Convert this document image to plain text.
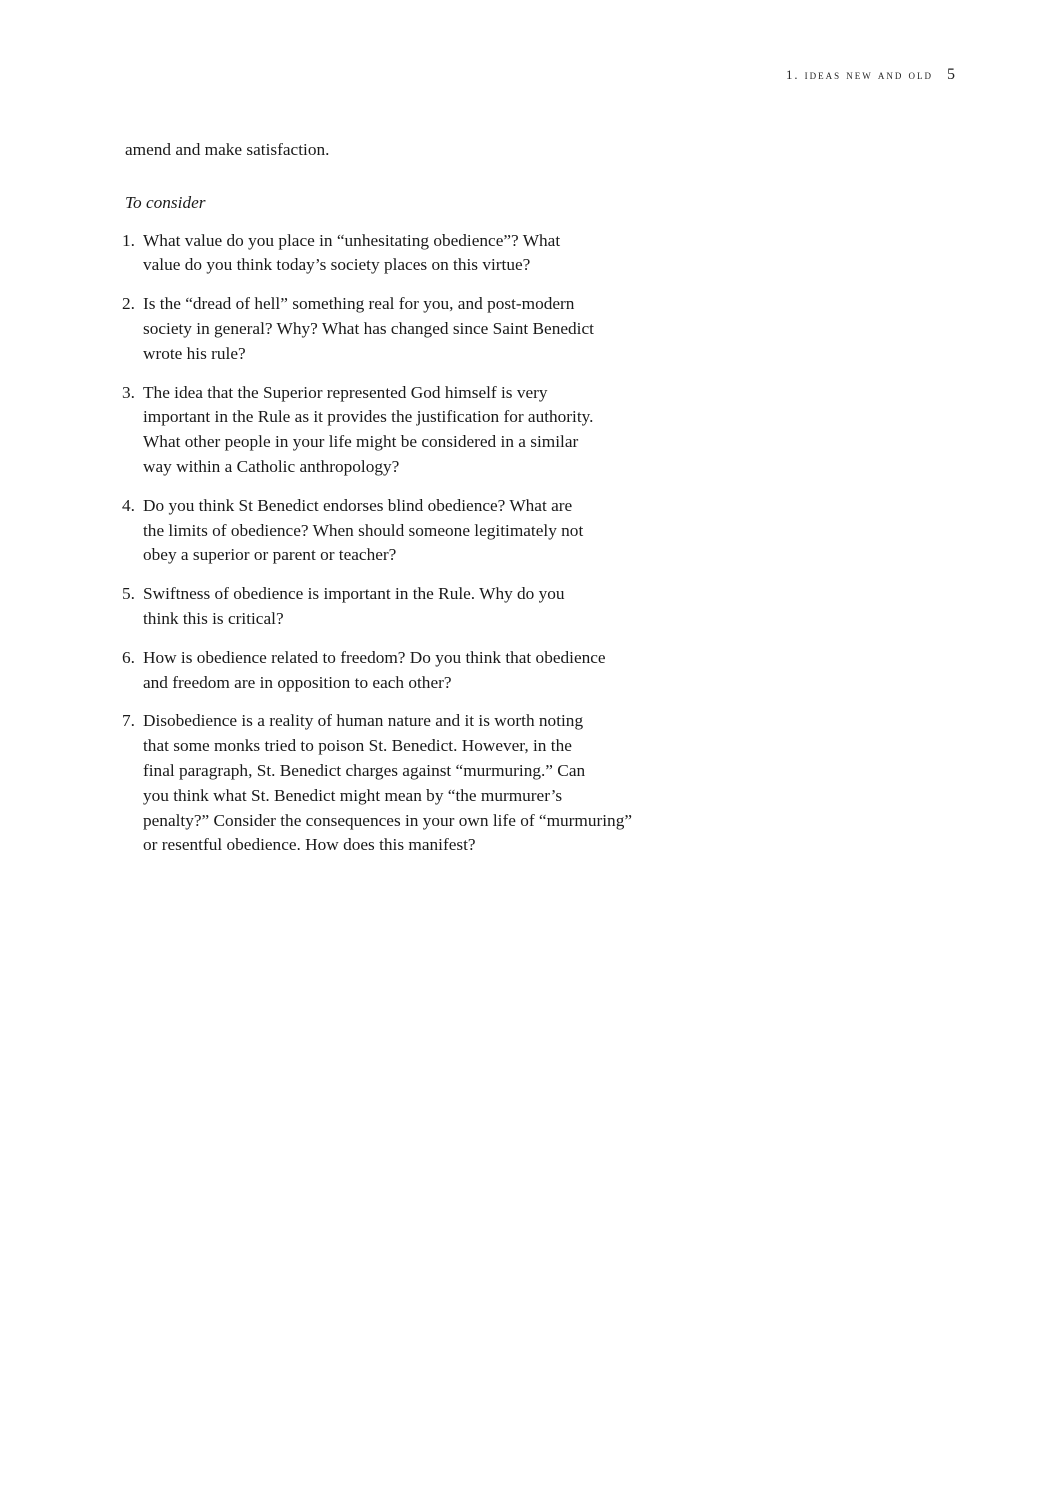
1. ideas new and old 5

amend and make satisfaction.

To consider

1. What value do you place in “unhesitating obedience”? What
value do you think today’s society places on this virtue?
2. Is the “dread of hell” something real for you, and post-modern
society in general? Why? What has changed since Saint Benedict
wrote his rule?
3. The idea that the Superior represented God himself is very
important in the Rule as it provides the justification for authority.
What other people in your life might be considered in a similar
way within a Catholic anthropology?
4. Do you think St Benedict endorses blind obedience? What are
the limits of obedience? When should someone legitimately not
obey a superior or parent or teacher?
5. Swiftness of obedience is important in the Rule. Why do you
think this is critical?
6. How is obedience related to freedom? Do you think that obedience
and freedom are in opposition to each other?
7. Disobedience is a reality of human nature and it is worth noting
that some monks tried to poison St. Benedict. However, in the
final paragraph, St. Benedict charges against “murmuring.” Can
you think what St. Benedict might mean by “the murmurer’s
penalty?” Consider the consequences in your own life of “murmuring”
or resentful obedience. How does this manifest?
